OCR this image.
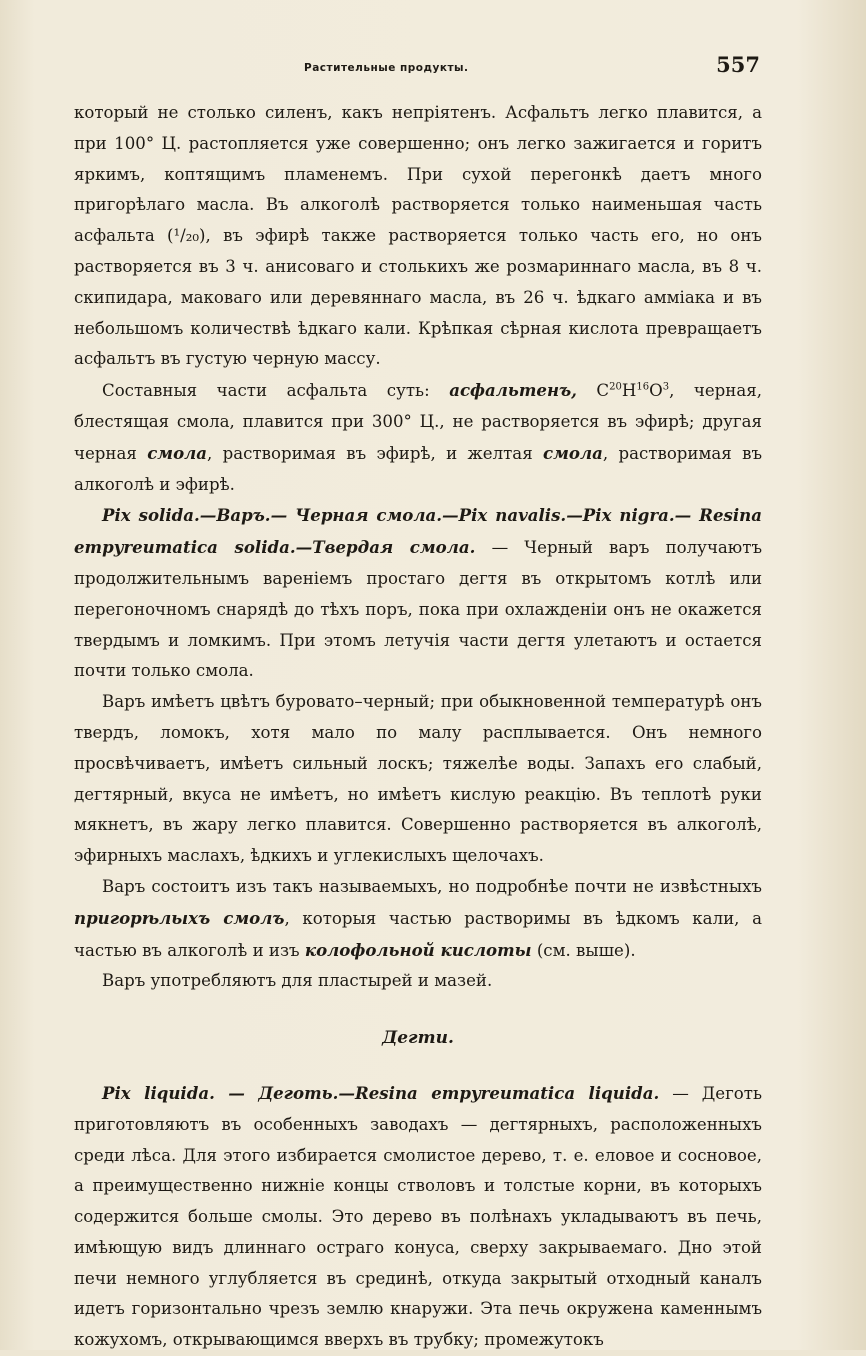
Растительные продукты.	557

который не столько силенъ, какъ непріятенъ. Асфальтъ легко плавится, а при 100° Ц. растопляется уже совершенно; онъ легко зажигается и горитъ яркимъ, коптящимъ пламенемъ. При сухой перегонкѣ даетъ много пригорѣлаго масла. Въ алкоголѣ растворяется только наименьшая часть асфальта (¹/₂₀), въ эфирѣ также растворяется только часть его, но онъ растворяется въ 3 ч. анисоваго и столькихъ же розмариннаго масла, въ 8 ч. скипидара, маковаго или деревяннаго масла, въ 26 ч. ѣдкаго амміака и въ небольшомъ количествѣ ѣдкаго кали. Крѣпкая сѣрная кислота превращаетъ асфальтъ въ густую черную массу.

Составныя части асфальта суть: асфальтенъ, $C^{20}H^{16}O^3$, черная, блестящая смола, плавится при 300° Ц., не растворяется въ эфирѣ; другая черная смола, растворимая въ эфирѣ, и желтая смола, растворимая въ алкоголѣ и эфирѣ.

Pix solida.—Варъ.— Черная смола.—Pix navalis.—Pix nigra.— Resina empyreumatica solida.—Твердая смола. — Черный варъ получаютъ продолжительнымъ вареніемъ простаго дегтя въ открытомъ котлѣ или перегоночномъ снарядѣ до тѣхъ поръ, пока при охлажденіи онъ не окажется твердымъ и ломкимъ. При этомъ летучія части дегтя улетаютъ и остается почти только смола.

Варъ имѣетъ цвѣтъ буровато–черный; при обыкновенной температурѣ онъ твердъ, ломокъ, хотя мало по малу расплывается. Онъ немного просвѣчиваетъ, имѣетъ сильный лоскъ; тяжелѣе воды. Запахъ его слабый, дегтярный, вкуса не имѣетъ, но имѣетъ кислую реакцію. Въ теплотѣ руки мякнетъ, въ жару легко плавится. Совершенно растворяется въ алкоголѣ, эфирныхъ маслахъ, ѣдкихъ и углекислыхъ щелочахъ.

Варъ состоитъ изъ такъ называемыхъ, но подробнѣе почти не извѣстныхъ пригорѣлыхъ смолъ, которыя частью растворимы въ ѣдкомъ кали, а частью въ алкоголѣ и изъ колофольной кислоты (см. выше).

Варъ употребляютъ для пластырей и мазей.

Дегти.

Pix liquida. — Деготь.—Resina empyreumatica liquida. — Деготь приготовляютъ въ особенныхъ заводахъ — дегтярныхъ, расположенныхъ среди лѣса. Для этого избирается смолистое дерево, т. е. еловое и сосновое, а преимущественно нижніе концы стволовъ и толстые корни, въ которыхъ содержится больше смолы. Это дерево въ полѣнахъ укладываютъ въ печь, имѣющую видъ длиннаго остраго конуса, сверху закрываемаго. Дно этой печи немного углубляется въ срединѣ, откуда закрытый отходный каналъ идетъ горизонтально чрезъ землю кнаружи. Эта печь окружена каменнымъ кожухомъ, открывающимся вверхъ въ трубку; промежутокъ
